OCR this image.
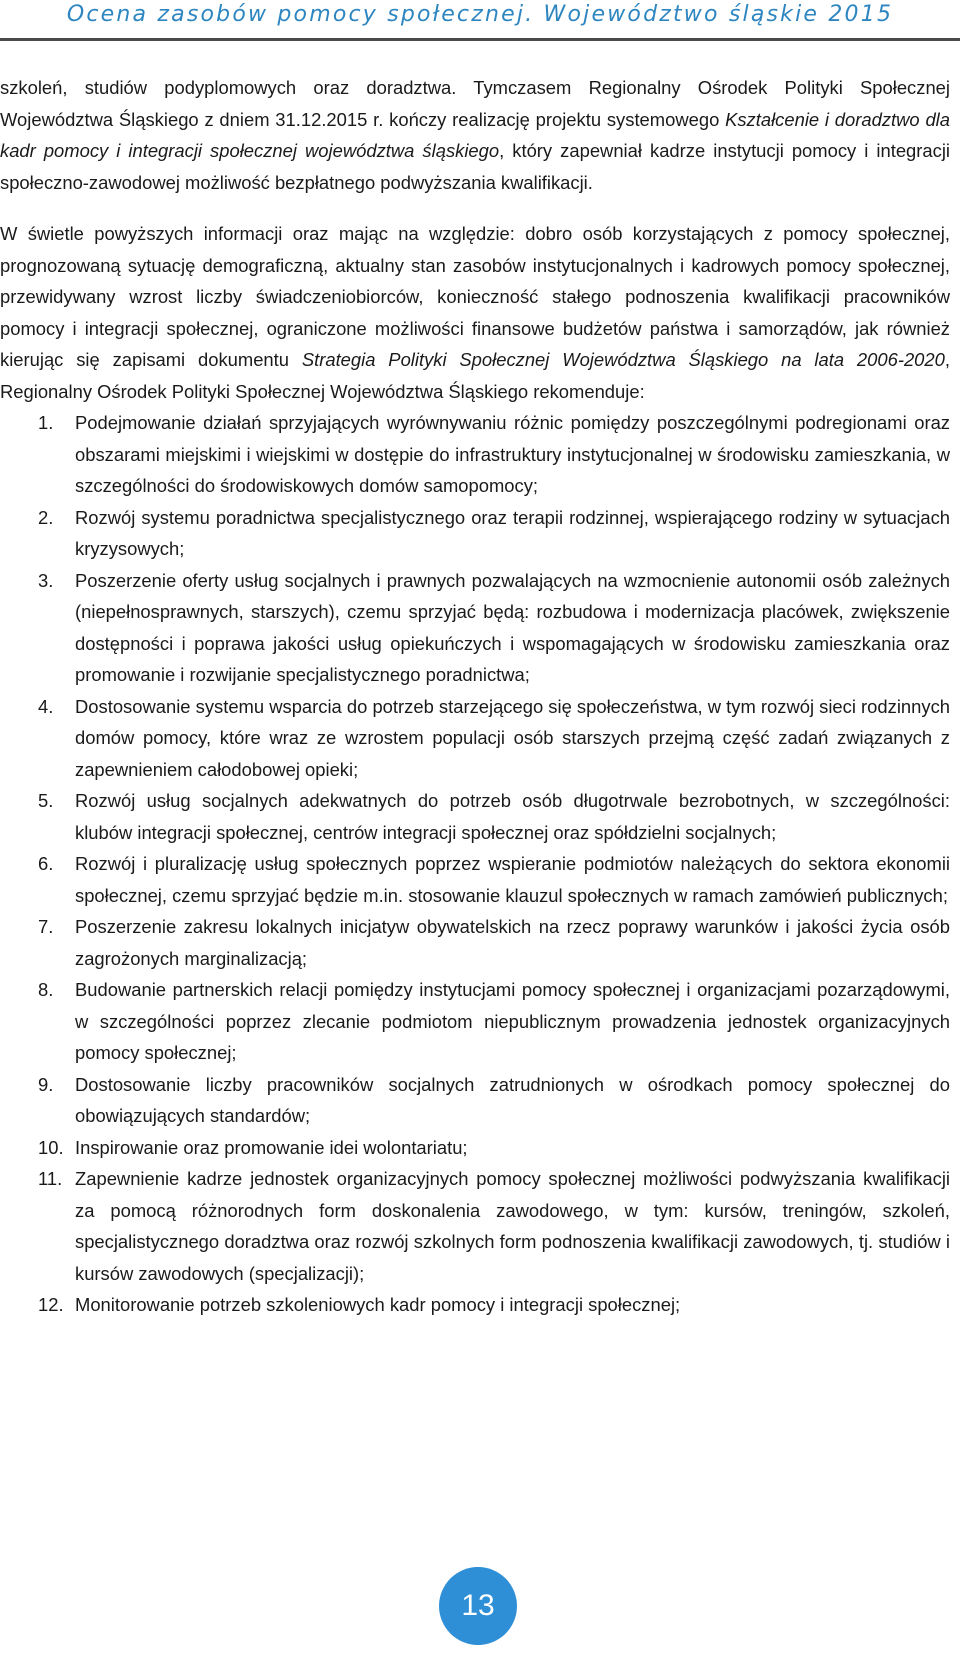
Ocena zasobów pomocy społecznej. Województwo śląskie 2015

szkoleń, studiów podyplomowych oraz doradztwa. Tymczasem Regionalny Ośrodek Polityki Społecznej Województwa Śląskiego z dniem 31.12.2015 r. kończy realizację projektu systemowego Kształcenie i doradztwo dla kadr pomocy i integracji społecznej województwa śląskiego, który zapewniał kadrze instytucji pomocy i integracji społeczno-zawodowej możliwość bezpłatnego podwyższania kwalifikacji.

W świetle powyższych informacji oraz mając na względzie: dobro osób korzystających z pomocy społecznej, prognozowaną sytuację demograficzną, aktualny stan zasobów instytucjonalnych i kadrowych pomocy społecznej, przewidywany wzrost liczby świadczeniobiorców, konieczność stałego podnoszenia kwalifikacji pracowników pomocy i integracji społecznej, ograniczone możliwości finansowe budżetów państwa i samorządów, jak również kierując się zapisami dokumentu Strategia Polityki Społecznej Województwa Śląskiego na lata 2006-2020, Regionalny Ośrodek Polityki Społecznej Województwa Śląskiego rekomenduje:

1.	Podejmowanie działań sprzyjających wyrównywaniu różnic pomiędzy poszczególnymi podregionami oraz obszarami miejskimi i wiejskimi w dostępie do infrastruktury instytucjonalnej w środowisku zamieszkania, w szczególności do środowiskowych domów samopomocy;
2.	Rozwój systemu poradnictwa specjalistycznego oraz terapii rodzinnej, wspierającego rodziny w sytuacjach kryzysowych;
3.	Poszerzenie oferty usług socjalnych i prawnych pozwalających na wzmocnienie autonomii osób zależnych (niepełnosprawnych, starszych), czemu sprzyjać będą: rozbudowa i modernizacja placówek, zwiększenie dostępności i poprawa jakości usług opiekuńczych i wspomagających w środowisku zamieszkania oraz promowanie i rozwijanie specjalistycznego poradnictwa;
4.	Dostosowanie systemu wsparcia do potrzeb starzejącego się społeczeństwa, w tym rozwój sieci rodzinnych domów pomocy, które wraz ze wzrostem populacji osób starszych przejmą część zadań związanych z zapewnieniem całodobowej opieki;
5.	Rozwój usług socjalnych adekwatnych do potrzeb osób długotrwale bezrobotnych, w szczególności: klubów integracji społecznej, centrów integracji społecznej oraz spółdzielni socjalnych;
6.	Rozwój i pluralizację usług społecznych poprzez wspieranie podmiotów należących do sektora ekonomii społecznej, czemu sprzyjać będzie m.in. stosowanie klauzul społecznych w ramach zamówień publicznych;
7.	Poszerzenie zakresu lokalnych inicjatyw obywatelskich na rzecz poprawy warunków i jakości życia osób zagrożonych marginalizacją;
8.	Budowanie partnerskich relacji pomiędzy instytucjami pomocy społecznej i organizacjami pozarządowymi, w szczególności poprzez zlecanie podmiotom niepublicznym prowadzenia jednostek organizacyjnych pomocy społecznej;
9.	Dostosowanie liczby pracowników socjalnych zatrudnionych w ośrodkach pomocy społecznej do obowiązujących standardów;
10. Inspirowanie oraz promowanie idei wolontariatu;
11. Zapewnienie kadrze jednostek organizacyjnych pomocy społecznej możliwości podwyższania kwalifikacji za pomocą różnorodnych form doskonalenia zawodowego, w tym: kursów, treningów, szkoleń, specjalistycznego doradztwa oraz rozwój szkolnych form podnoszenia kwalifikacji zawodowych, tj. studiów i kursów zawodowych (specjalizacji);
12. Monitorowanie potrzeb szkoleniowych kadr pomocy i integracji społecznej;
13
